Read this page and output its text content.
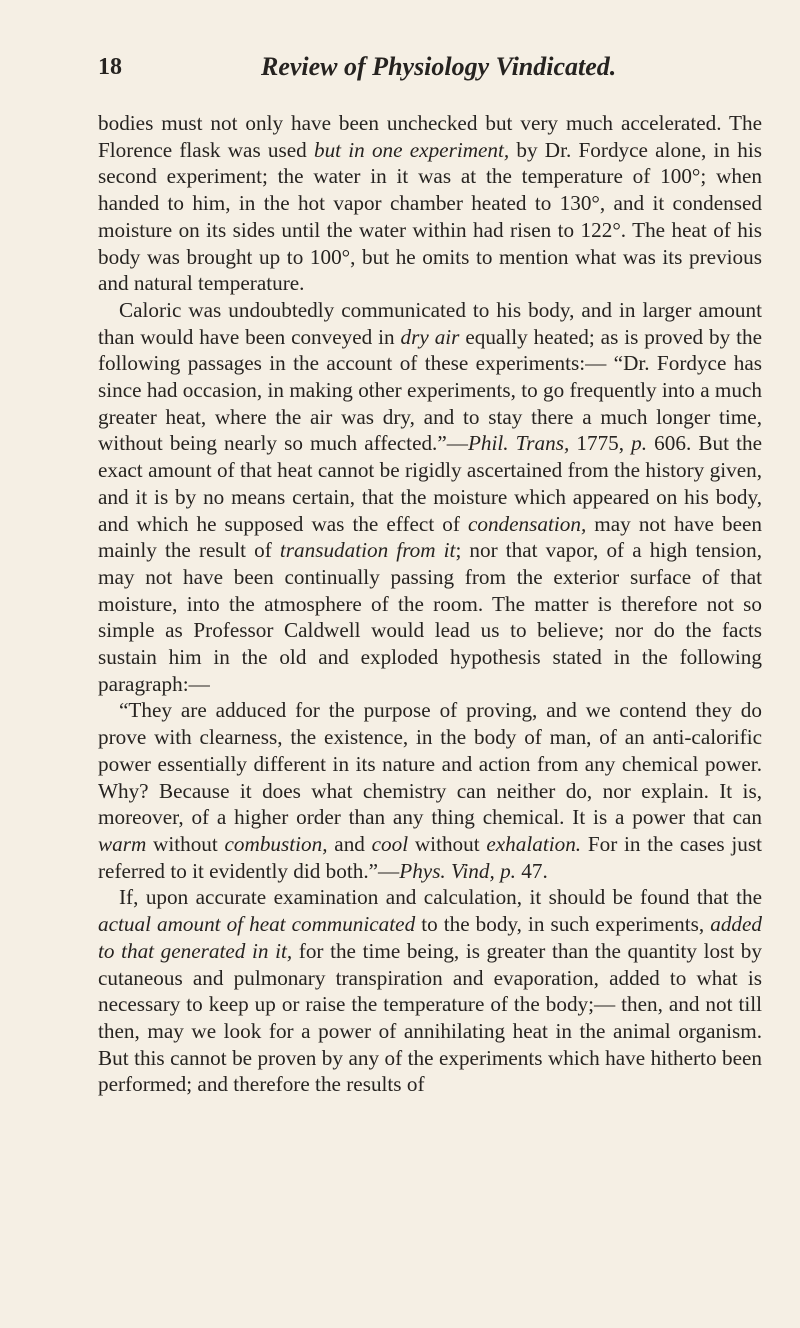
18	Review of Physiology Vindicated.

bodies must not only have been unchecked but very much accelerated. The Florence flask was used but in one experiment, by Dr. Fordyce alone, in his second experiment; the water in it was at the temperature of 100°; when handed to him, in the hot vapor chamber heated to 130°, and it condensed moisture on its sides until the water within had risen to 122°. The heat of his body was brought up to 100°, but he omits to mention what was its previous and natural temperature.

Caloric was undoubtedly communicated to his body, and in larger amount than would have been conveyed in dry air equally heated; as is proved by the following passages in the account of these experiments:— “Dr. Fordyce has since had occasion, in making other experiments, to go frequently into a much greater heat, where the air was dry, and to stay there a much longer time, without being nearly so much affected.”—Phil. Trans, 1775, p. 606. But the exact amount of that heat cannot be rigidly ascertained from the history given, and it is by no means certain, that the moisture which appeared on his body, and which he supposed was the effect of condensation, may not have been mainly the result of transudation from it; nor that vapor, of a high tension, may not have been continually passing from the exterior surface of that moisture, into the atmosphere of the room. The matter is therefore not so simple as Professor Caldwell would lead us to believe; nor do the facts sustain him in the old and exploded hypothesis stated in the following paragraph:—

“They are adduced for the purpose of proving, and we contend they do prove with clearness, the existence, in the body of man, of an anti-calorific power essentially different in its nature and action from any chemical power. Why? Because it does what chemistry can neither do, nor explain. It is, moreover, of a higher order than any thing chemical. It is a power that can warm without combustion, and cool without exhalation. For in the cases just referred to it evidently did both.”—Phys. Vind, p. 47.

If, upon accurate examination and calculation, it should be found that the actual amount of heat communicated to the body, in such experiments, added to that generated in it, for the time being, is greater than the quantity lost by cutaneous and pulmonary transpiration and evaporation, added to what is necessary to keep up or raise the temperature of the body;— then, and not till then, may we look for a power of annihilating heat in the animal organism. But this cannot be proven by any of the experiments which have hitherto been performed; and therefore the results of
